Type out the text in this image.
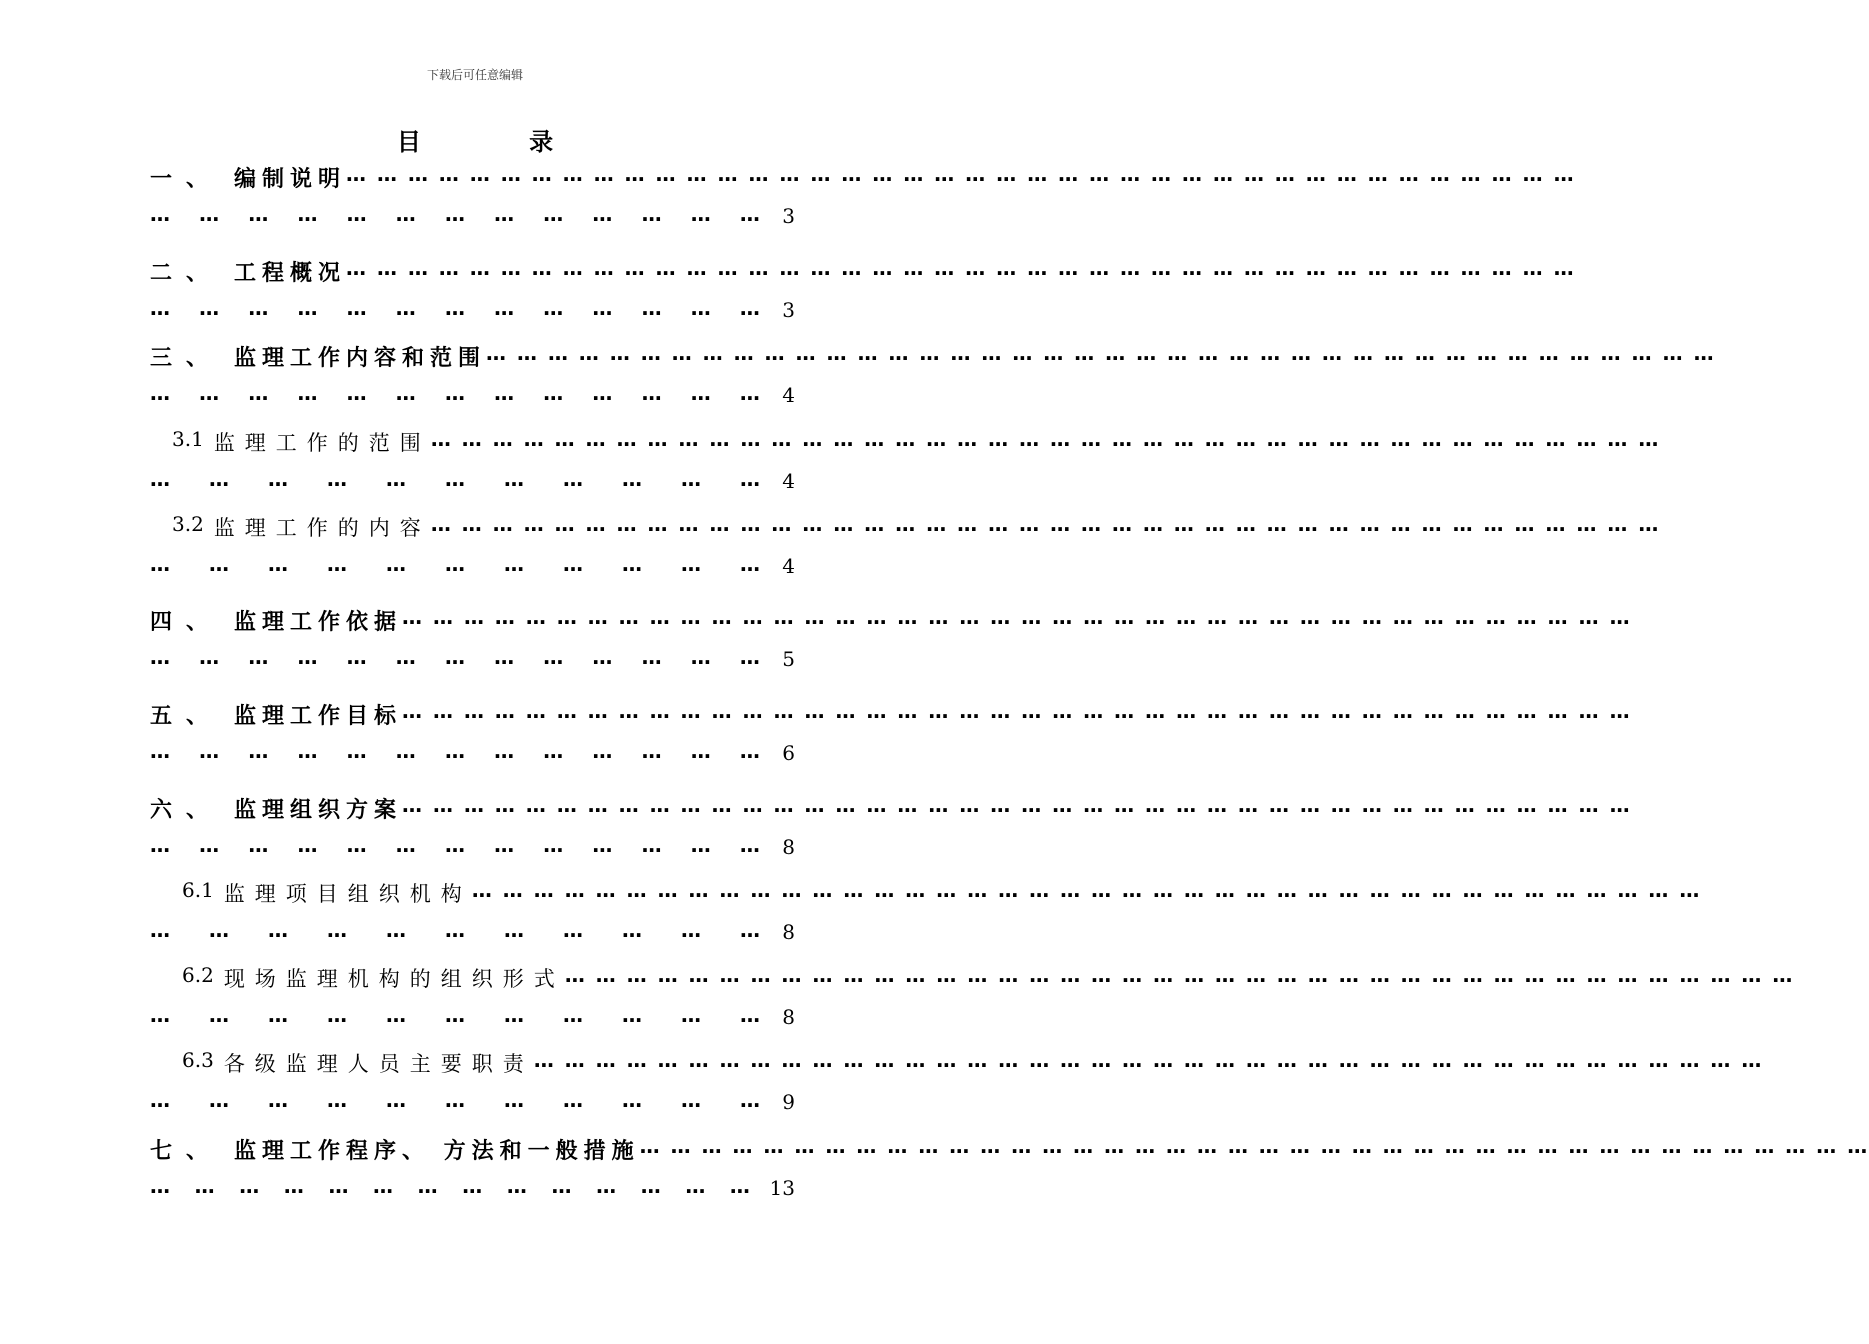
下载后可任意编辑
目 录
一、 编制说明… … … … … … … … … … … … … … … … … … … … … … … … … … … … … … … … … … … … … … … …
… … … … … … … … … … … … … 3
二、 工程概况… … … … … … … … … … … … … … … … … … … … … … … … … … … … … … … … … … … … … … … …
… … … … … … … … … … … … … 3
三、 监理工作内容和范围… … … … … … … … … … … … … … … … … … … … … … … … … … … … … … … … … … … … … … … …
… … … … … … … … … … … … … 4
3.1 监理工作的范围… … … … … … … … … … … … … … … … … … … … … … … … … … … … … … … … … … … … … … … …
… … … … … … … … … … … 4
3.2 监理工作的内容… … … … … … … … … … … … … … … … … … … … … … … … … … … … … … … … … … … … … … … …
… … … … … … … … … … … 4
四、 监理工作依据… … … … … … … … … … … … … … … … … … … … … … … … … … … … … … … … … … … … … … … …
… … … … … … … … … … … … … 5
五、 监理工作目标… … … … … … … … … … … … … … … … … … … … … … … … … … … … … … … … … … … … … … … …
… … … … … … … … … … … … … 6
六、 监理组织方案… … … … … … … … … … … … … … … … … … … … … … … … … … … … … … … … … … … … … … … …
… … … … … … … … … … … … … 8
6.1 监理项目组织机构… … … … … … … … … … … … … … … … … … … … … … … … … … … … … … … … … … … … … … … …
… … … … … … … … … … … 8
6.2 现场监理机构的组织形式… … … … … … … … … … … … … … … … … … … … … … … … … … … … … … … … … … … … … … … …
… … … … … … … … … … … 8
6.3 各级监理人员主要职责… … … … … … … … … … … … … … … … … … … … … … … … … … … … … … … … … … … … … … … …
… … … … … … … … … … … 9
七、 监理工作程序、 方法和一般措施… … … … … … … … … … … … … … … … … … … … … … … … … … … … … … … … … … … … … … … …
… … … … … … … … … … … … … … 13
